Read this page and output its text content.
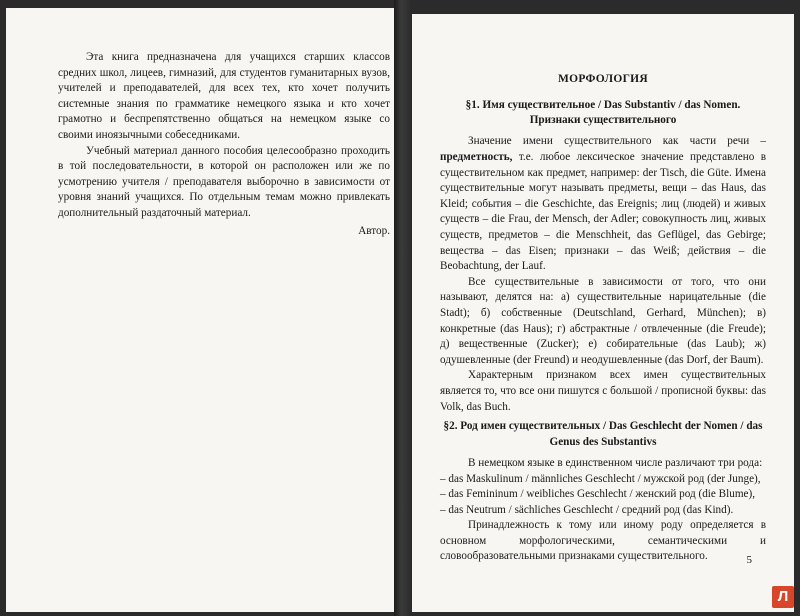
Эта книга предназначена для учащихся старших классов средних школ, лицеев, гимназий, для студентов гуманитарных вузов, учителей и преподавателей, для всех тех, кто хочет получить системные знания по грамматике немецкого языка и кто хочет грамотно и беспрепятственно общаться на немецком языке со своими иноязычными собеседниками.

Учебный материал данного пособия целесообразно проходить в той последовательности, в которой он расположен или же по усмотрению учителя / преподавателя выборочно в зависимости от уровня знаний учащихся. По отдельным темам можно привлекать дополнительный раздаточный материал.

Автор.

МОРФОЛОГИЯ
§1. Имя существительное / Das Substantiv / das Nomen. Признаки существительного

Значение имени существительного как части речи – предметность, т.е. любое лексическое значение представлено в существительном как предмет, например: der Tisch, die Güte. Имена существительные могут называть предметы, вещи – das Haus, das Kleid; события – die Geschichte, das Ereignis; лиц (людей) и живых существ – die Frau, der Mensch, der Adler; совокупность лиц, живых существ, предметов – die Menschheit, das Geflügel, das Gebirge; вещества – das Eisen; признаки – das Weiß; действия – die Beobachtung, der Lauf.

Все существительные в зависимости от того, что они называют, делятся на: а) существительные нарицательные (die Stadt); б) собственные (Deutschland, Gerhard, München); в) конкретные (das Haus); г) абстрактные / отвлеченные (die Freude); д) вещественные (Zucker); е) собирательные (das Laub); ж) одушевленные (der Freund) и неодушевленные (das Dorf, der Baum).

Характерным признаком всех имен существительных является то, что все они пишутся с большой / прописной буквы: das Volk, das Buch.

§2. Род имен существительных / Das Geschlecht der Nomen / das Genus des Substantivs

В немецком языке в единственном числе различают три рода:

– das Maskulinum / männliches Geschlecht / мужской род (der Junge),

– das Femininum / weibliches Geschlecht / женский род (die Blume),

– das Neutrum / sächliches Geschlecht / средний род (das Kind).

Принадлежность к тому или иному роду определяется в основном морфологическими, семантическими и словообразовательными признаками существительного.	5
Л
